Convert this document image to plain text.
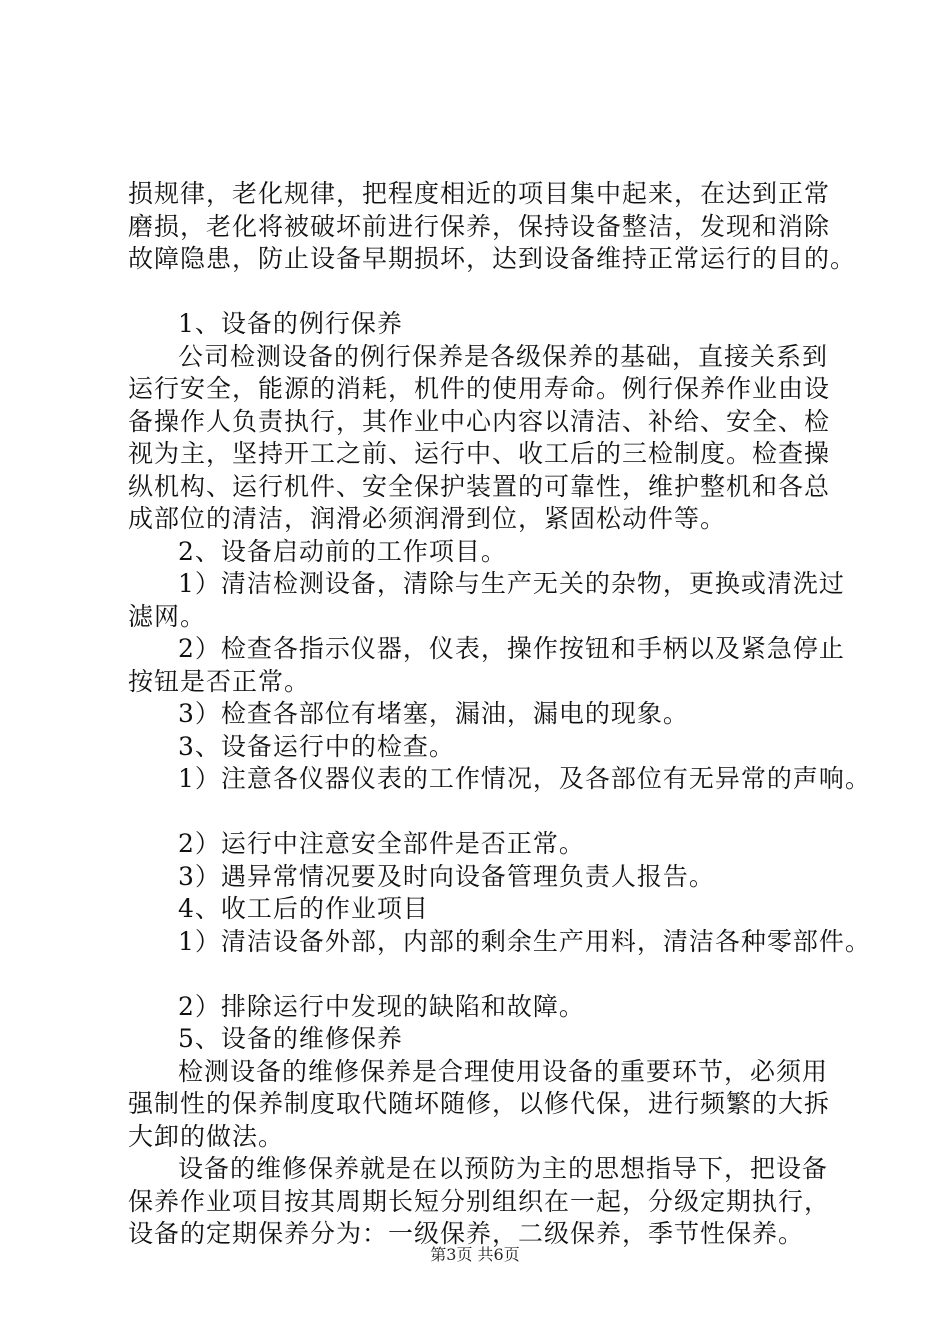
损规律，老化规律，把程度相近的项目集中起来，在达到正常
磨损，老化将被破坏前进行保养，保持设备整洁，发现和消除
故障隐患，防止设备早期损坏，达到设备维持正常运行的目的。
1、设备的例行保养
公司检测设备的例行保养是各级保养的基础，直接关系到
运行安全，能源的消耗，机件的使用寿命。例行保养作业由设
备操作人负责执行，其作业中心内容以清洁、补给、安全、检
视为主，坚持开工之前、运行中、收工后的三检制度。检查操
纵机构、运行机件、安全保护装置的可靠性，维护整机和各总
成部位的清洁，润滑必须润滑到位，紧固松动件等。
2、设备启动前的工作项目。
1）清洁检测设备，清除与生产无关的杂物，更换或清洗过
滤网。
2）检查各指示仪器，仪表，操作按钮和手柄以及紧急停止
按钮是否正常。
3）检查各部位有堵塞，漏油，漏电的现象。
3、设备运行中的检查。
1）注意各仪器仪表的工作情况，及各部位有无异常的声响。
2）运行中注意安全部件是否正常。
3）遇异常情况要及时向设备管理负责人报告。
4、收工后的作业项目
1）清洁设备外部，内部的剩余生产用料，清洁各种零部件。
2）排除运行中发现的缺陷和故障。
5、设备的维修保养
检测设备的维修保养是合理使用设备的重要环节，必须用
强制性的保养制度取代随坏随修，以修代保，进行频繁的大拆
大卸的做法。
设备的维修保养就是在以预防为主的思想指导下，把设备
保养作业项目按其周期长短分别组织在一起，分级定期执行，
设备的定期保养分为：一级保养，二级保养，季节性保养。
第3页 共6页
